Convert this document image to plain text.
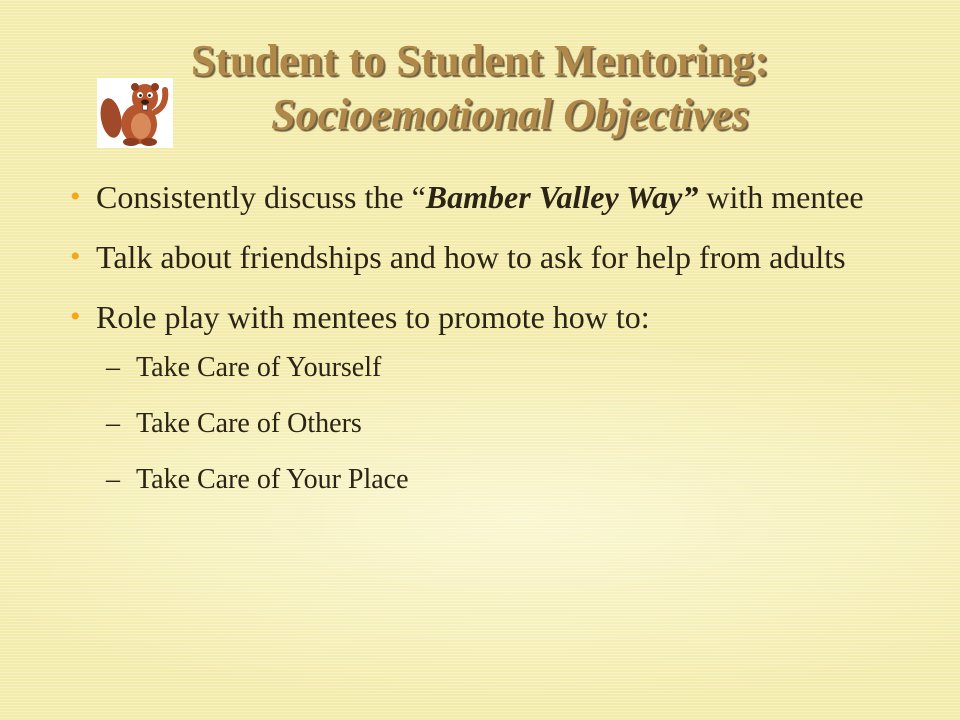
Student to Student Mentoring:
Socioemotional Objectives
• Consistently discuss the “Bamber Valley Way” with mentee
• Talk about friendships and how to ask for help from adults
• Role play with mentees to promote how to:
– Take Care of Yourself
– Take Care of Others
– Take Care of Your Place
